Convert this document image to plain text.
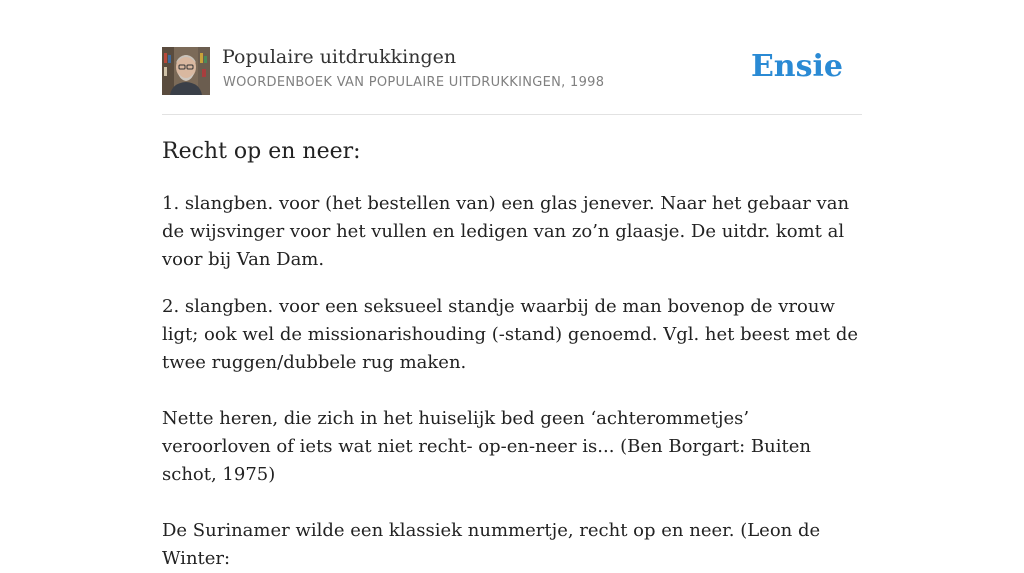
Populaire uitdrukkingen
WOORDENBOEK VAN POPULAIRE UITDRUKKINGEN, 1998	Ensie
Recht op en neer:

1. slangben. voor (het bestellen van) een glas jenever. Naar het gebaar van de wijsvinger voor het vullen en ledigen van zo’n glaasje. De uitdr. komt al voor bij Van Dam.

2. slangben. voor een seksueel standje waarbij de man bovenop de vrouw ligt; ook wel de missionarishouding (-stand) genoemd. Vgl. het beest met de twee ruggen/dubbele rug maken.

Nette heren, die zich in het huiselijk bed geen ‘achterommetjes’ veroorloven of iets wat niet recht- op-en-neer is... (Ben Borgart: Buiten schot, 1975)

De Surinamer wilde een klassiek nummertje, recht op en neer. (Leon de Winter:
